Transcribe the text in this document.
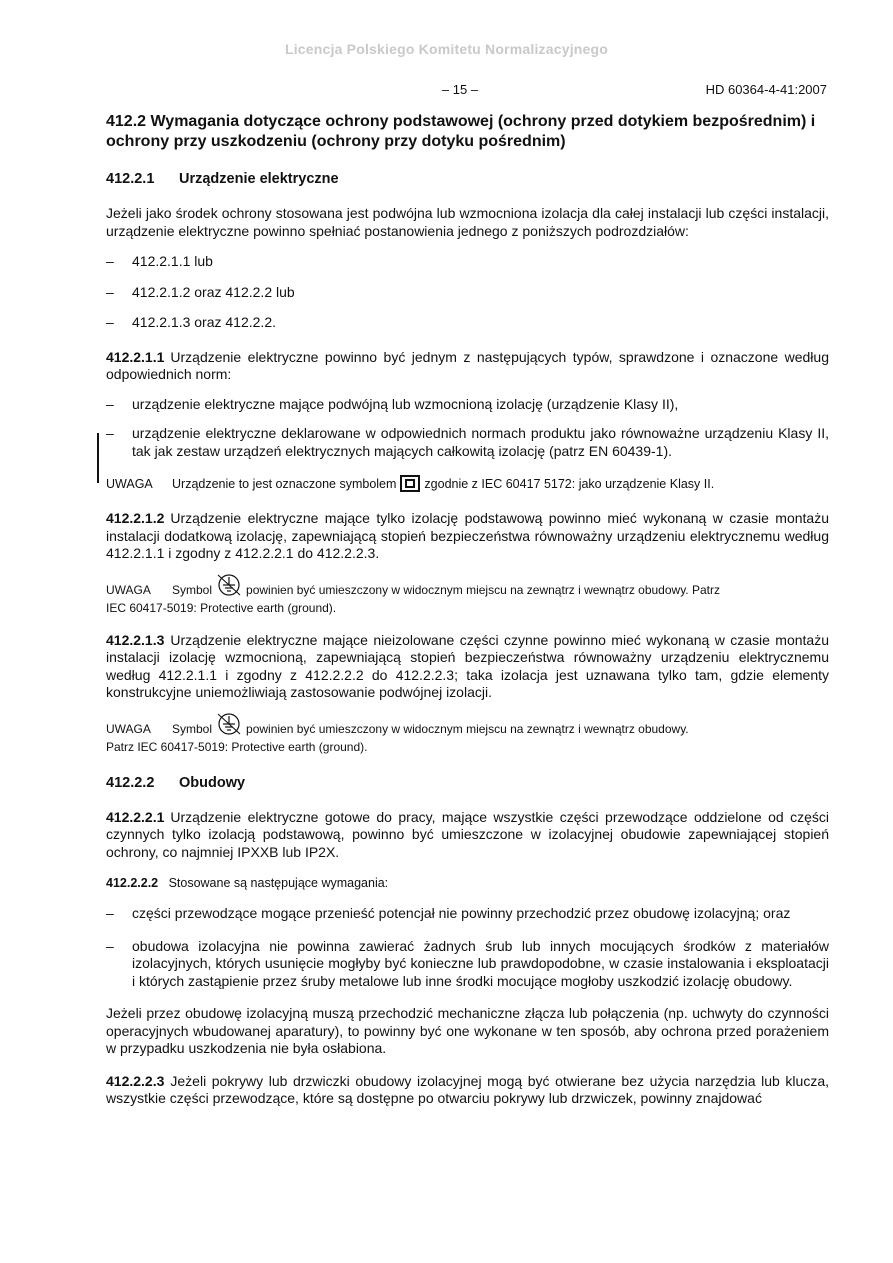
Licencja Polskiego Komitetu Normalizacyjnego
– 15 –	HD 60364-4-41:2007

412.2 Wymagania dotyczące ochrony podstawowej (ochrony przed dotykiem bezpośrednim) i ochrony przy uszkodzeniu (ochrony przy dotyku pośrednim)

412.2.1 Urządzenie elektryczne

Jeżeli jako środek ochrony stosowana jest podwójna lub wzmocniona izolacja dla całej instalacji lub części instalacji, urządzenie elektryczne powinno spełniać postanowienia jednego z poniższych podrozdziałów:

– 412.2.1.1 lub
– 412.2.1.2 oraz 412.2.2 lub
– 412.2.1.3 oraz 412.2.2.

412.2.1.1 Urządzenie elektryczne powinno być jednym z następujących typów, sprawdzone i oznaczone według odpowiednich norm:

– urządzenie elektryczne mające podwójną lub wzmocnioną izolację (urządzenie Klasy II),
– urządzenie elektryczne deklarowane w odpowiednich normach produktu jako równoważne urządzeniu Klasy II, tak jak zestaw urządzeń elektrycznych mających całkowitą izolację (patrz EN 60439-1).

UWAGA Urządzenie to jest oznaczone symbolem zgodnie z IEC 60417 5172: jako urządzenie Klasy II.

412.2.1.2 Urządzenie elektryczne mające tylko izolację podstawową powinno mieć wykonaną w czasie montażu instalacji dodatkową izolację, zapewniającą stopień bezpieczeństwa równoważny urządzeniu elektrycznemu według 412.2.1.1 i zgodny z 412.2.2.1 do 412.2.2.3.

UWAGA Symbol	powinien być umieszczony w widocznym miejscu na zewnątrz i wewnątrz obudowy. Patrz
IEC 60417-5019: Protective earth (ground).

412.2.1.3 Urządzenie elektryczne mające nieizolowane części czynne powinno mieć wykonaną w czasie montażu instalacji izolację wzmocnioną, zapewniającą stopień bezpieczeństwa równoważny urządzeniu elektrycznemu według 412.2.1.1 i zgodny z 412.2.2.2 do 412.2.2.3; taka izolacja jest uznawana tylko tam, gdzie elementy konstrukcyjne uniemożliwiają zastosowanie podwójnej izolacji.

UWAGA Symbol	powinien być umieszczony w widocznym miejscu na zewnątrz i wewnątrz obudowy.
Patrz IEC 60417-5019: Protective earth (ground).

412.2.2 Obudowy

412.2.2.1 Urządzenie elektryczne gotowe do pracy, mające wszystkie części przewodzące oddzielone od części czynnych tylko izolacją podstawową, powinno być umieszczone w izolacyjnej obudowie zapewniającej stopień ochrony, co najmniej IPXXB lub IP2X.

412.2.2.2 Stosowane są następujące wymagania:

– części przewodzące mogące przenieść potencjał nie powinny przechodzić przez obudowę izolacyjną; oraz
– obudowa izolacyjna nie powinna zawierać żadnych śrub lub innych mocujących środków z materiałów izolacyjnych, których usunięcie mogłyby być konieczne lub prawdopodobne, w czasie instalowania i eksploatacji i których zastąpienie przez śruby metalowe lub inne środki mocujące mogłoby uszkodzić izolację obudowy.

Jeżeli przez obudowę izolacyjną muszą przechodzić mechaniczne złącza lub połączenia (np. uchwyty do czynności operacyjnych wbudowanej aparatury), to powinny być one wykonane w ten sposób, aby ochrona przed porażeniem w przypadku uszkodzenia nie była osłabiona.

412.2.2.3 Jeżeli pokrywy lub drzwiczki obudowy izolacyjnej mogą być otwierane bez użycia narzędzia lub klucza, wszystkie części przewodzące, które są dostępne po otwarciu pokrywy lub drzwiczek, powinny znajdować
